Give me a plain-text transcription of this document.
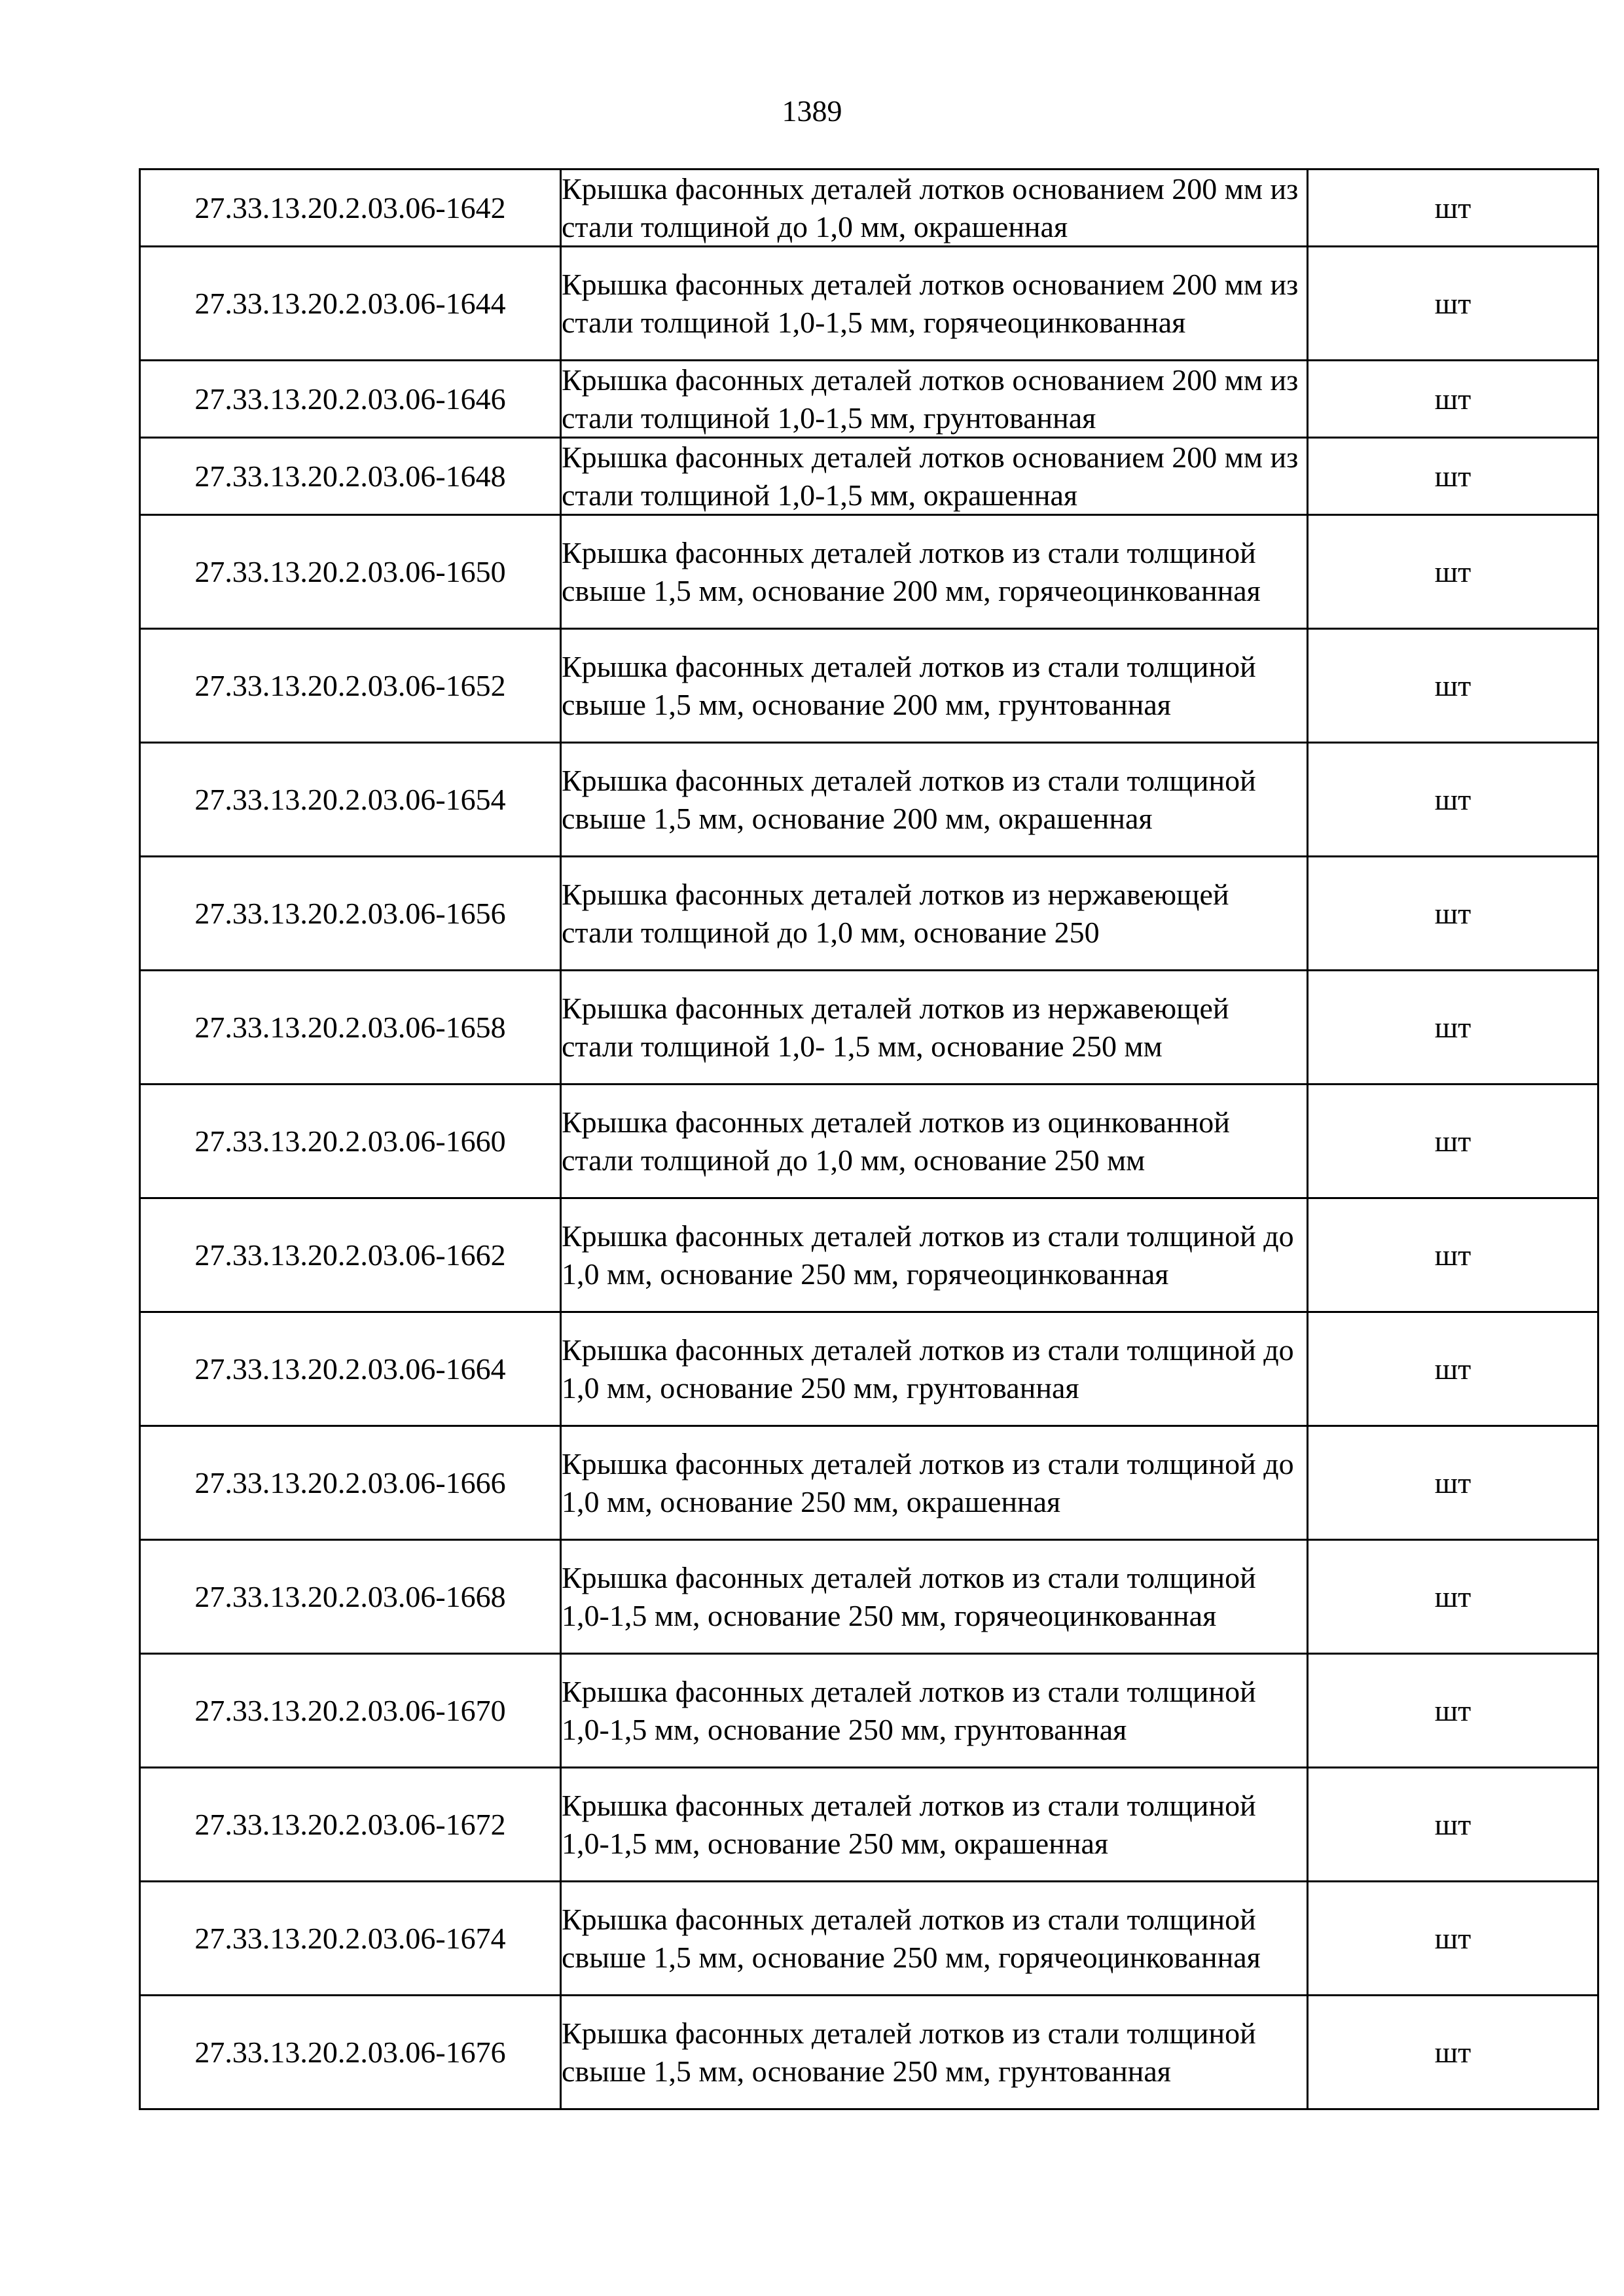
1389
27.33.13.20.2.03.06-1642	Крышка фасонных деталей лотков основанием 200 мм из стали толщиной до 1,0 мм, окрашенная	шт
27.33.13.20.2.03.06-1644	Крышка фасонных деталей лотков основанием 200 мм из стали толщиной 1,0-1,5 мм, горячеоцинкованная	шт
27.33.13.20.2.03.06-1646	Крышка фасонных деталей лотков основанием 200 мм из стали толщиной 1,0-1,5 мм, грунтованная	шт
27.33.13.20.2.03.06-1648	Крышка фасонных деталей лотков основанием 200 мм из стали толщиной 1,0-1,5 мм, окрашенная	шт
27.33.13.20.2.03.06-1650	Крышка фасонных деталей лотков из стали толщиной свыше 1,5 мм, основание 200 мм, горячеоцинкованная	шт
27.33.13.20.2.03.06-1652	Крышка фасонных деталей лотков из стали толщиной свыше 1,5 мм, основание 200 мм, грунтованная	шт
27.33.13.20.2.03.06-1654	Крышка фасонных деталей лотков из стали толщиной свыше 1,5 мм, основание 200 мм, окрашенная	шт
27.33.13.20.2.03.06-1656	Крышка фасонных деталей лотков из нержавеющей стали толщиной до 1,0 мм, основание 250	шт
27.33.13.20.2.03.06-1658	Крышка фасонных деталей лотков из нержавеющей стали толщиной 1,0- 1,5 мм, основание 250 мм	шт
27.33.13.20.2.03.06-1660	Крышка фасонных деталей лотков из оцинкованной стали толщиной до 1,0 мм, основание 250 мм	шт
27.33.13.20.2.03.06-1662	Крышка фасонных деталей лотков из стали толщиной до 1,0 мм, основание 250 мм, горячеоцинкованная	шт
27.33.13.20.2.03.06-1664	Крышка фасонных деталей лотков из стали толщиной до 1,0 мм, основание 250 мм, грунтованная	шт
27.33.13.20.2.03.06-1666	Крышка фасонных деталей лотков из стали толщиной до 1,0 мм, основание 250 мм, окрашенная	шт
27.33.13.20.2.03.06-1668	Крышка фасонных деталей лотков из стали толщиной 1,0-1,5 мм, основание 250 мм, горячеоцинкованная	шт
27.33.13.20.2.03.06-1670	Крышка фасонных деталей лотков из стали толщиной 1,0-1,5 мм, основание 250 мм, грунтованная	шт
27.33.13.20.2.03.06-1672	Крышка фасонных деталей лотков из стали толщиной 1,0-1,5 мм, основание 250 мм, окрашенная	шт
27.33.13.20.2.03.06-1674	Крышка фасонных деталей лотков из стали толщиной свыше 1,5 мм, основание 250 мм, горячеоцинкованная	шт
27.33.13.20.2.03.06-1676	Крышка фасонных деталей лотков из стали толщиной свыше 1,5 мм, основание 250 мм, грунтованная	шт
